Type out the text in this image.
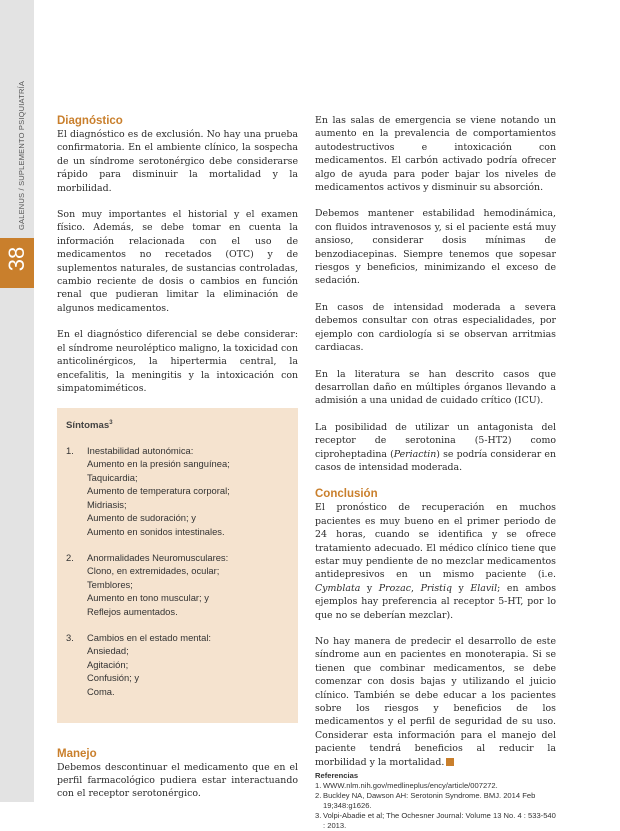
38
GALENUS / SUPLEMENTO PSIQUIATRÍA	Diagnóstico

El diagnóstico es de exclusión. No hay una prueba confirmatoria. En el ambiente clínico, la sospecha de un síndrome serotonérgico debe considerarse rápido para disminuir la mortalidad y la morbilidad.

Son muy importantes el historial y el examen físico. Además, se debe tomar en cuenta la información relacionada con el uso de medicamentos no recetados (OTC) y de suplementos naturales, de sustancias controladas, cambio reciente de dosis o cambios en función renal que pudieran limitar la eliminación de algunos medicamentos.

En el diagnóstico diferencial se debe considerar: el síndrome neuroléptico maligno, la toxicidad con anticolinérgicos, la hipertermia central, la encefalitis, la meningitis y la intoxicación con simpatomiméticos.

Síntomas$^3$
1.	Inestabilidad autonómica:
Aumento en la presión sanguínea;
Taquicardia;
Aumento de temperatura corporal;
Midriasis;
Aumento de sudoración; y
Aumento en sonidos intestinales.
2.	Anormalidades Neuromusculares:
Clono, en extremidades, ocular;
Temblores;
Aumento en tono muscular; y
Reflejos aumentados.
3.	Cambios en el estado mental:
Ansiedad;
Agitación;
Confusión; y
Coma.
Manejo

Debemos descontinuar el medicamento que en el perfil farmacológico pudiera estar interactuando con el receptor serotonérgico.

En las salas de emergencia se viene notando un aumento en la prevalencia de comportamientos autodestructivos e intoxicación con medicamentos. El carbón activado podría ofrecer algo de ayuda para poder bajar los niveles de medicamentos activos y disminuir su absorción.

Debemos mantener estabilidad hemodinámica, con fluidos intravenosos y, si el paciente está muy ansioso, considerar dosis mínimas de benzodiacepinas. Siempre tenemos que sopesar riesgos y beneficios, minimizando el exceso de sedación.

En casos de intensidad moderada a severa debemos consultar con otras especialidades, por ejemplo con cardiología si se observan arritmias cardiacas.

En la literatura se han descrito casos que desarrollan daño en múltiples órganos llevando a admisión a una unidad de cuidado crítico (ICU).

La posibilidad de utilizar un antagonista del receptor de serotonina (5-HT2) como ciproheptadina (Periactin) se podría considerar en casos de intensidad moderada.

Conclusión

El pronóstico de recuperación en muchos pacientes es muy bueno en el primer periodo de 24 horas, cuando se identifica y se ofrece tratamiento adecuado. El médico clínico tiene que estar muy pendiente de no mezclar medicamentos antidepresivos en un mismo paciente (i.e. Cymblata y Prozac, Pristiq y Elavil; en ambos ejemplos hay preferencia al receptor 5-HT, por lo que no se deberían mezclar).

No hay manera de predecir el desarrollo de este síndrome aun en pacientes en monoterapia. Si se tienen que combinar medicamentos, se debe comenzar con dosis bajas y utilizando el juicio clínico. También se debe educar a los pacientes sobre los riesgos y beneficios de los medicamentos y el perfil de seguridad de su uso. Considerar esta información para el manejo del paciente tendrá beneficios al reducir la morbilidad y la mortalidad.

Referencias
1. WWW.nlm.nih.gov/medlineplus/ency/article/007272.
2. Buckley NA, Dawson AH: Serotonin Syndrome. BMJ. 2014 Feb 19;348:g1626.
3. Volpi-Abadie et al; The Ochesner Journal: Volume 13 No. 4 : 533-540 : 2013.
